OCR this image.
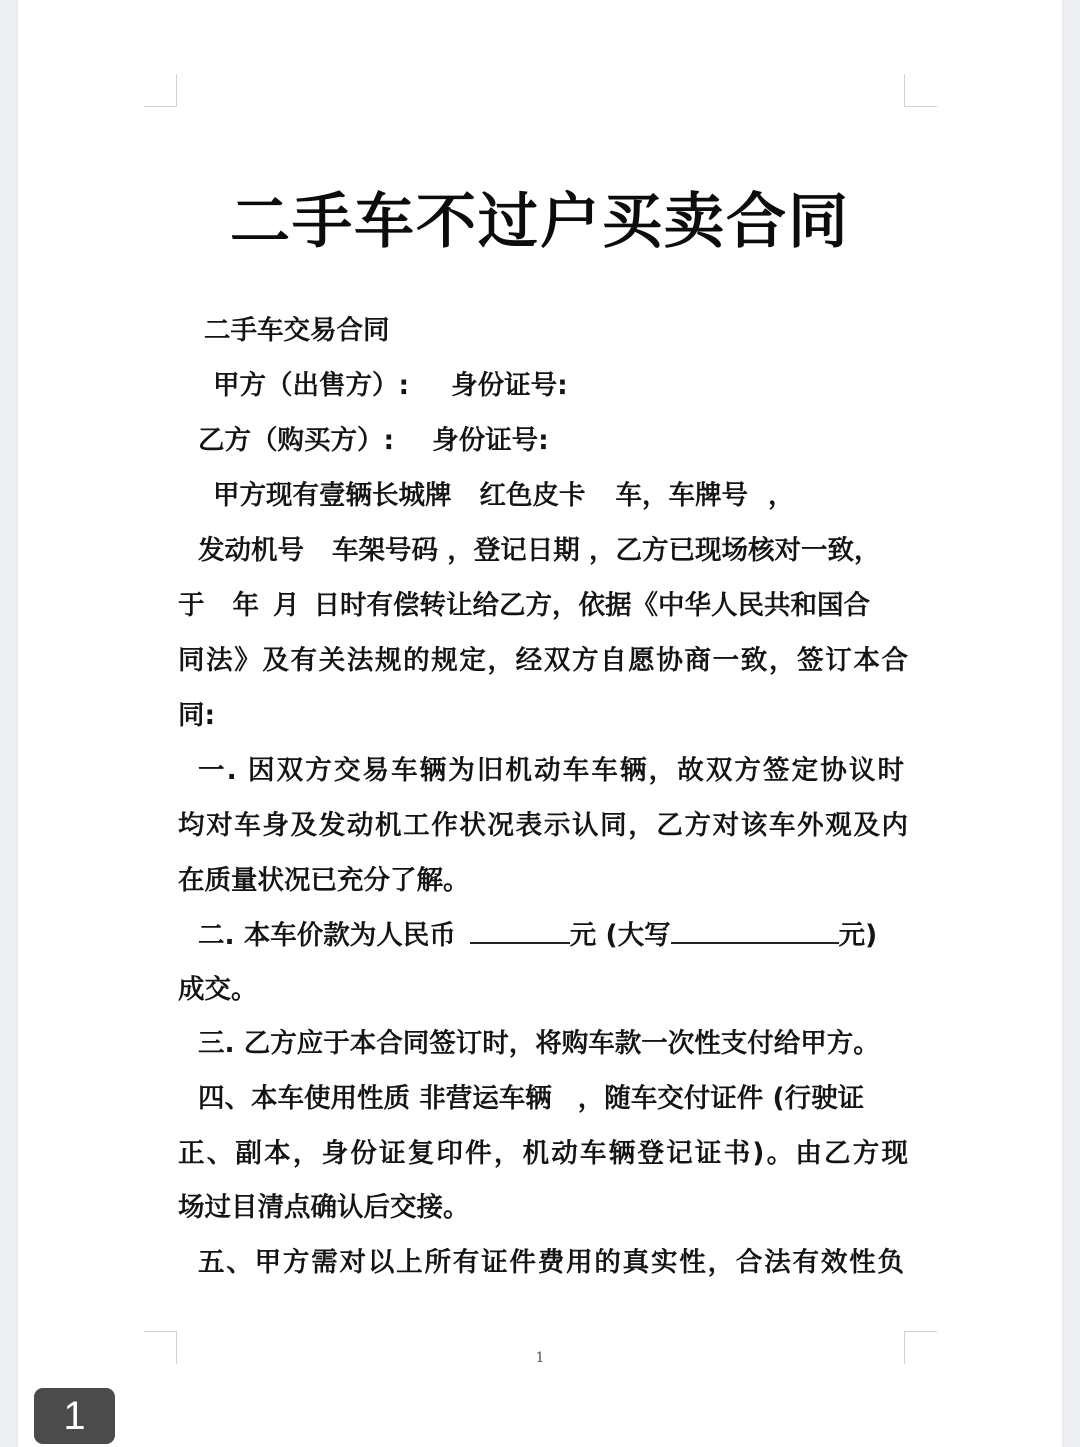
二手车不过户买卖合同
二手车交易合同
甲方（出售方）: 身份证号:
乙方（购买方）: 身份证号:
甲方现有壹辆长城牌 红色皮卡 车，车牌号 ，
发动机号 车架号码 ，登记日期 ，乙方已现场核对一致，
于 年 月 日时有偿转让给乙方，依据《中华人民共和国合
同法》及有关法规的规定，经双方自愿协商一致，签订本合
同:
一. 因双方交易车辆为旧机动车车辆，故双方签定协议时
均对车身及发动机工作状况表示认同，乙方对该车外观及内
在质量状况已充分了解。
二. 本车价款为人民币	元 (大写	元)
成交。
三. 乙方应于本合同签订时，将购车款一次性支付给甲方。
四、本车使用性质 非营运车辆 ，随车交付证件 (行驶证
正、副本，身份证复印件，机动车辆登记证书)。由乙方现
场过目清点确认后交接。
五、甲方需对以上所有证件费用的真实性，合法有效性负
1
1
